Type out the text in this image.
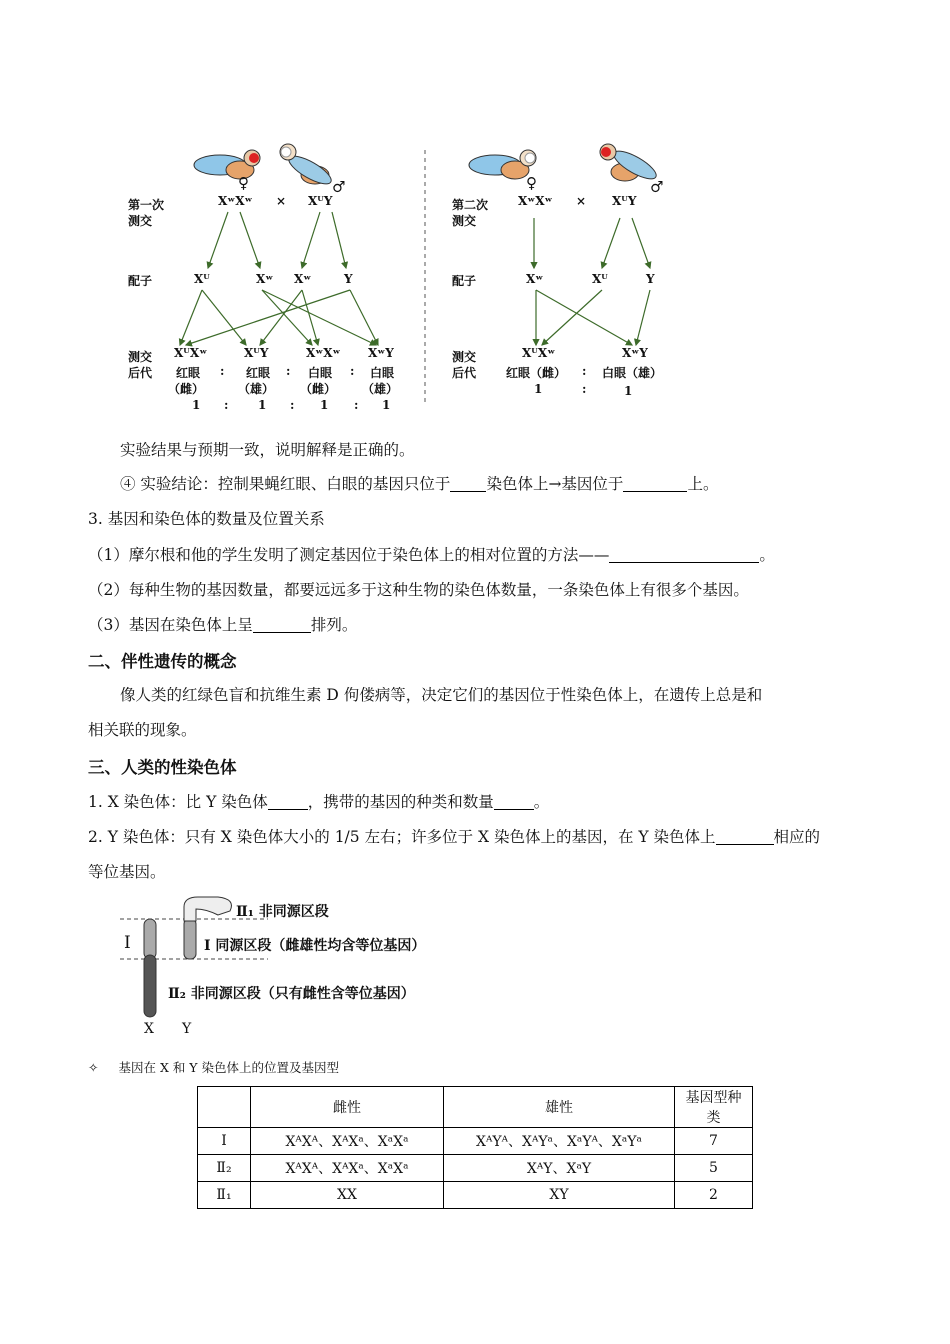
♀	♂	♀	♂
第一次
测交
XʷXʷ × XᵂY
配子	Xᵂ	Xʷ Xʷ	Y
测交
后代
XᵂXʷ	XᵂY	XʷXʷ XʷY
红眼 : 红眼 : 白眼 : 白眼
（雌）	（雄） （雌） （雄）
1 : 1 : 1 : 1
第二次
测交
XʷXʷ × XᵂY
配子	Xʷ	Xᵂ	Y
测交
后代
XᵂXʷ	XʷY
红眼（雌） : 白眼（雄）
1	:	1
实验结果与预期一致，说明解释是正确的。
④ 实验结论：控制果蝇红眼、白眼的基因只位于 染色体上→基因位于	上。
3. 基因和染色体的数量及位置关系
（1）摩尔根和他的学生发明了测定基因位于染色体上的相对位置的方法——	。
（2）每种生物的基因数量，都要远远多于这种生物的染色体数量，一条染色体上有很多个基因。
（3）基因在染色体上呈	排列。
二、伴性遗传的概念
像人类的红绿色盲和抗维生素 D 佝偻病等，决定它们的基因位于性染色体上，在遗传上总是和
相关联的现象。
三、人类的性染色体
1. X 染色体：比 Y 染色体	，携带的基因的种类和数量	。
2. Y 染色体：只有 X 染色体大小的 1/5 左右；许多位于 X 染色体上的基因，在 Y 染色体上	相应的
等位基因。
Ⅰ
Ⅱ₁ 非同源区段
Ⅰ 同源区段（雌雄性均含等位基因）
Ⅱ₂ 非同源区段（只有雌性含等位基因）
X Y
✧ 基因在 X 和 Y 染色体上的位置及基因型
	雌性	雄性	基因型种类
Ⅰ	XᴬXᴬ、XᴬXᵃ、XᵃXᵃ	XᴬYᴬ、XᴬYᵃ、XᵃYᴬ、XᵃYᵃ	7
Ⅱ₂	XᴬXᴬ、XᴬXᵃ、XᵃXᵃ	XᴬY、XᵃY	5
Ⅱ₁	XX	XY	2
